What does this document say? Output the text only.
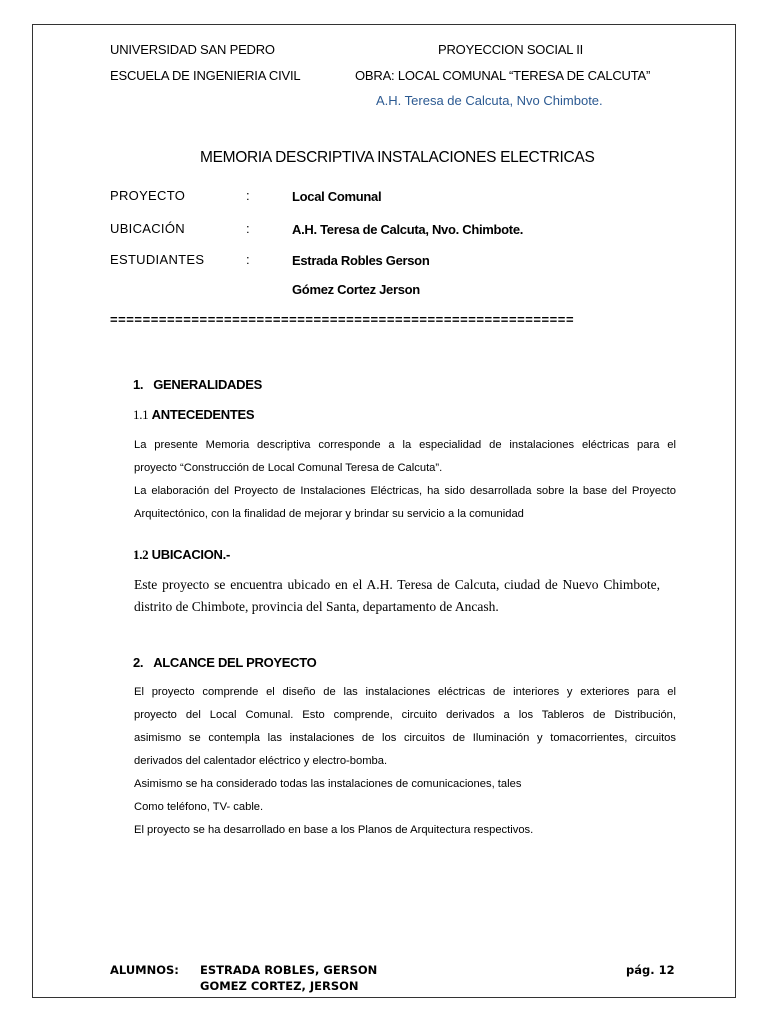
UNIVERSIDAD SAN PEDRO
ESCUELA DE INGENIERIA CIVIL
PROYECCION SOCIAL II
OBRA: LOCAL COMUNAL “TERESA DE CALCUTA”
A.H. Teresa de Calcuta, Nvo Chimbote.
MEMORIA DESCRIPTIVA INSTALACIONES ELECTRICAS
PROYECTO	:	Local Comunal
UBICACIÓN	:	A.H. Teresa de Calcuta, Nvo. Chimbote.
ESTUDIANTES	:	Estrada Robles Gerson
Gómez Cortez Jerson
=========================================================
1. GENERALIDADES
1.1 ANTECEDENTES
La presente Memoria descriptiva corresponde a la especialidad de instalaciones eléctricas para el
proyecto “Construcción de Local Comunal Teresa de Calcuta”.
La elaboración del Proyecto de Instalaciones Eléctricas, ha sido desarrollada sobre la base del Proyecto
Arquitectónico, con la finalidad de mejorar y brindar su servicio a la comunidad
1.2 UBICACION.-
Este proyecto se encuentra ubicado en el A.H. Teresa de Calcuta, ciudad de Nuevo Chimbote,
distrito de Chimbote, provincia del Santa, departamento de Ancash.
2. ALCANCE DEL PROYECTO
El proyecto comprende el diseño de las instalaciones eléctricas de interiores y exteriores para el
proyecto del Local Comunal. Esto comprende, circuito derivados a los Tableros de Distribución,
asimismo se contempla las instalaciones de los circuitos de Iluminación y tomacorrientes, circuitos
derivados del calentador eléctrico y electro-bomba.
Asimismo se ha considerado todas las instalaciones de comunicaciones, tales
Como teléfono, TV- cable.
El proyecto se ha desarrollado en base a los Planos de Arquitectura respectivos.
ALUMNOS: ESTRADA ROBLES, GERSON
GOMEZ CORTEZ, JERSON
pág. 12
